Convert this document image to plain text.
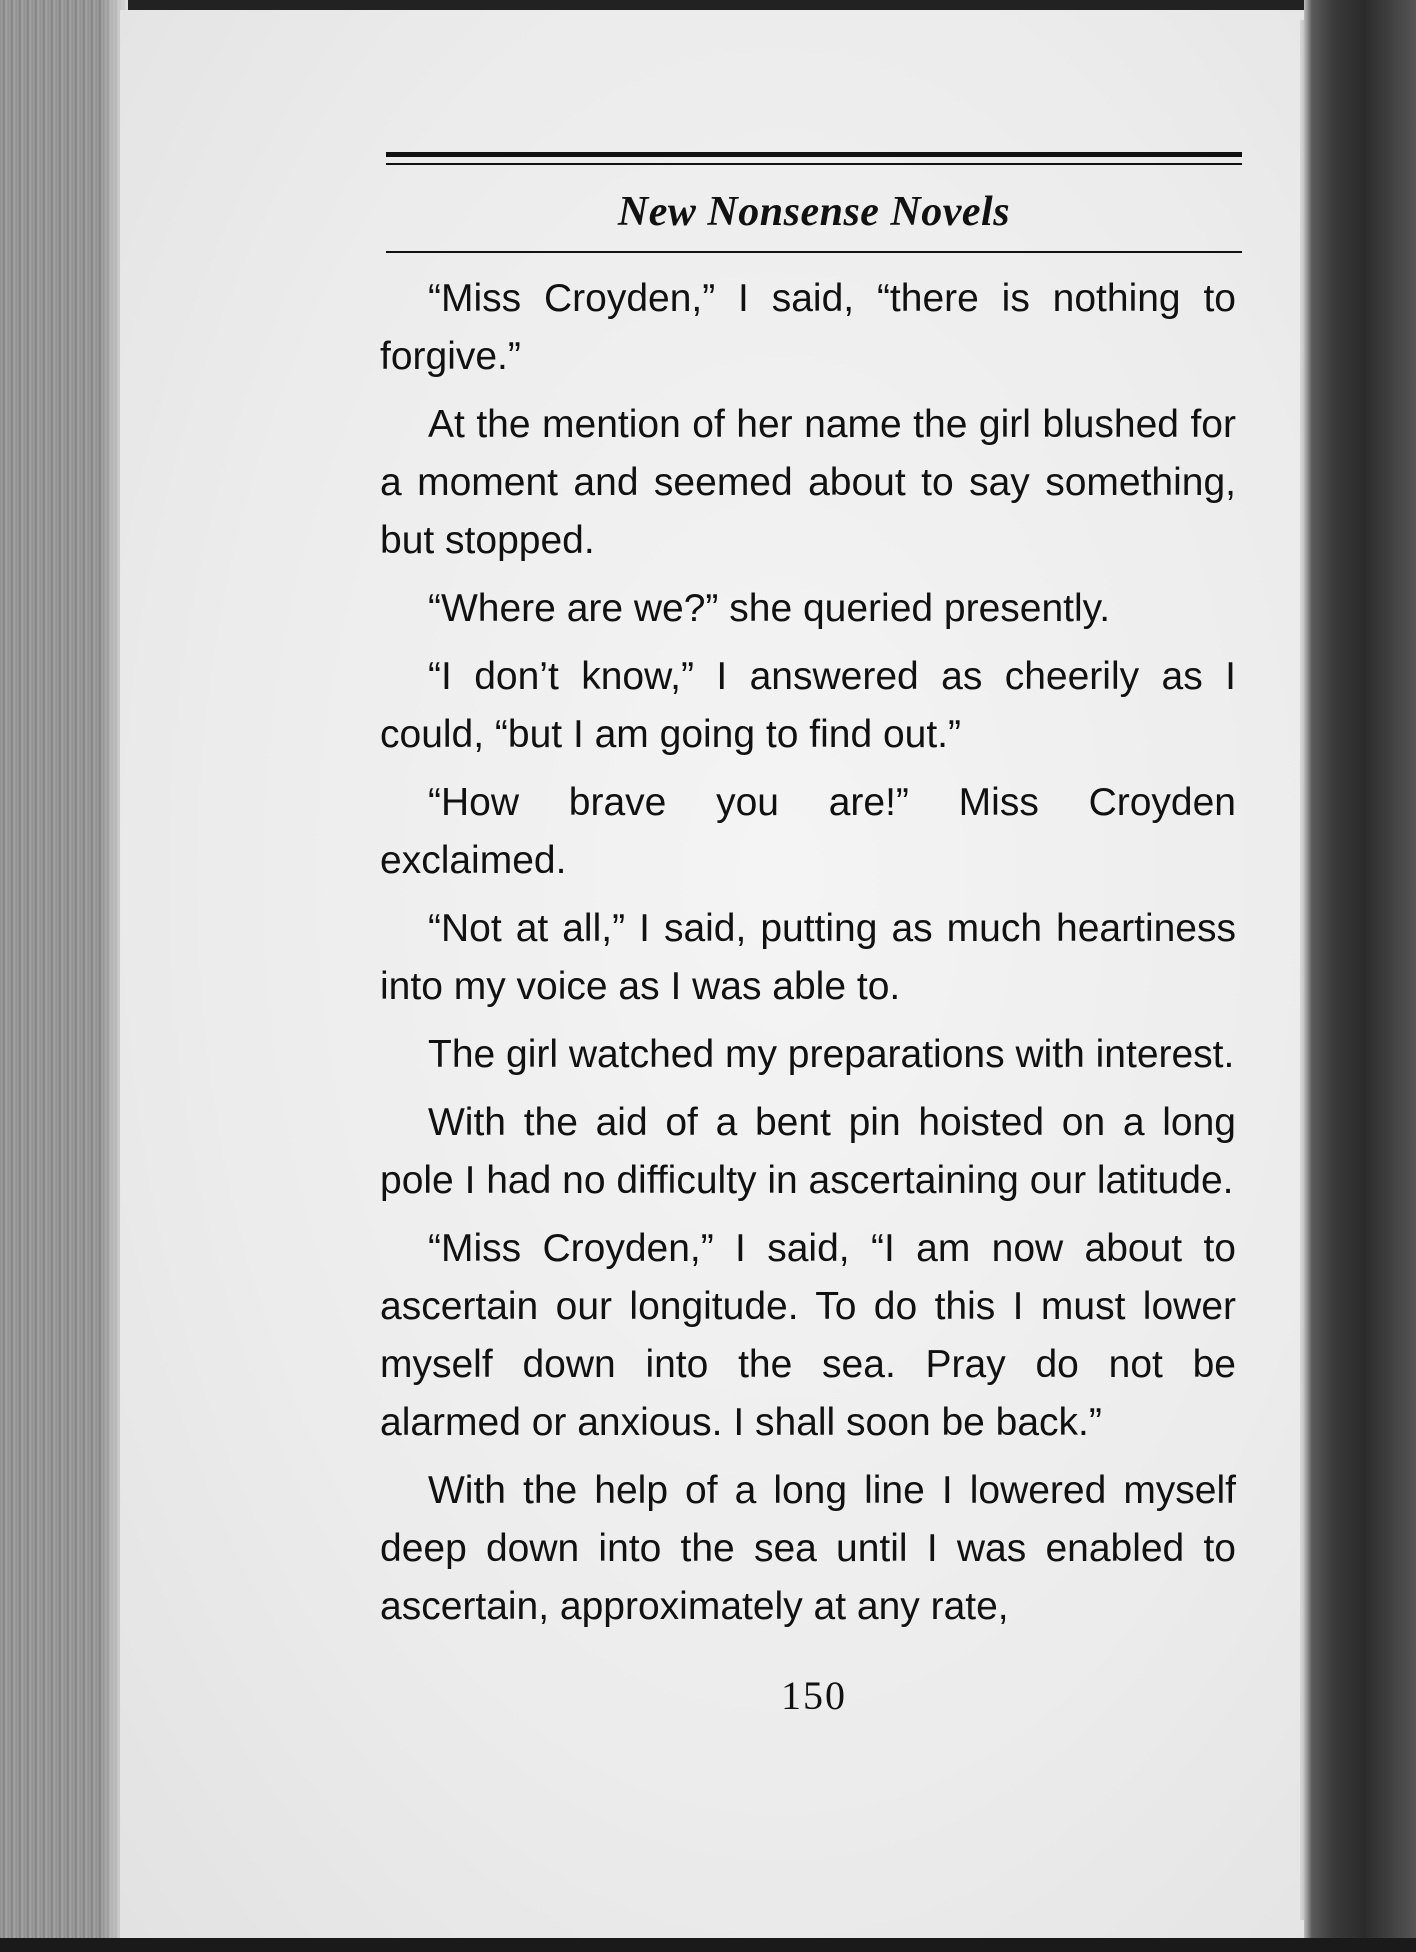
New Nonsense Novels

“Miss Croyden,” I said, “there is nothing to forgive.”

At the mention of her name the girl blushed for a moment and seemed about to say something, but stopped.

“Where are we?” she queried presently.

“I don’t know,” I answered as cheerily as I could, “but I am going to find out.”

“How brave you are!” Miss Croyden exclaimed.

“Not at all,” I said, putting as much heartiness into my voice as I was able to.

The girl watched my preparations with interest.

With the aid of a bent pin hoisted on a long pole I had no difficulty in ascertaining our latitude.

“Miss Croyden,” I said, “I am now about to ascertain our longitude. To do this I must lower myself down into the sea. Pray do not be alarmed or anxious. I shall soon be back.”

With the help of a long line I lowered myself deep down into the sea until I was enabled to ascertain, approximately at any rate,

150
